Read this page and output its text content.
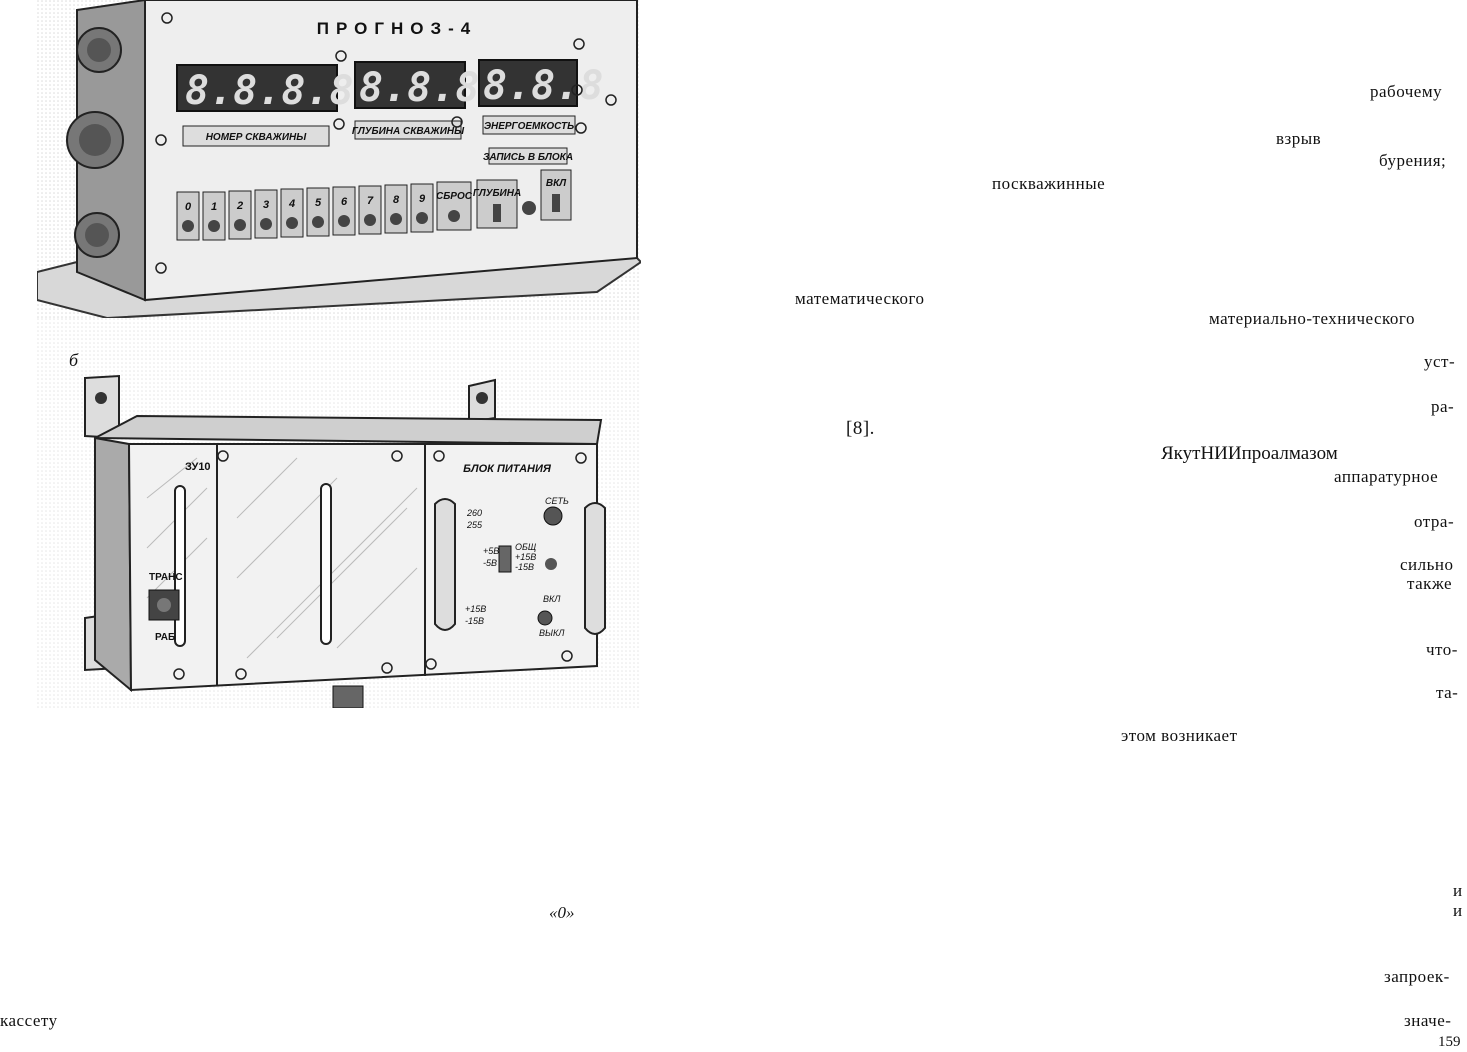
ПРОГНОЗ-4
8.8.8.8 8.8.8 8.8.8
НОМЕР СКВАЖИНЫ
ГЛУБИНА СКВАЖИНЫ ЭНЕРГОЕМКОСТЬ
ЗАПИСЬ В БЛОКА
0 1 2 3 4 5 6 7 8 9 СБРОС ГЛУБИНА
ВКЛ
ЗУ10
ТРАНС
РАБ
БЛОК ПИТАНИЯ
260
255
+5В
-5В
ОБЩ
+15В
-15В
+15В
-15В
СЕТЬ
ВКЛ
ВЫКЛ
б
рабочему
взрыв
бурения;
поскважинные
математического
материально-технического
уст-
ра-
[8].
ЯкутНИИпроалмазом
аппаратурное
отра-
сильно
также
что-
та-
этом возникает
«0»
и
и
запроек-
кассету	значе-
159
